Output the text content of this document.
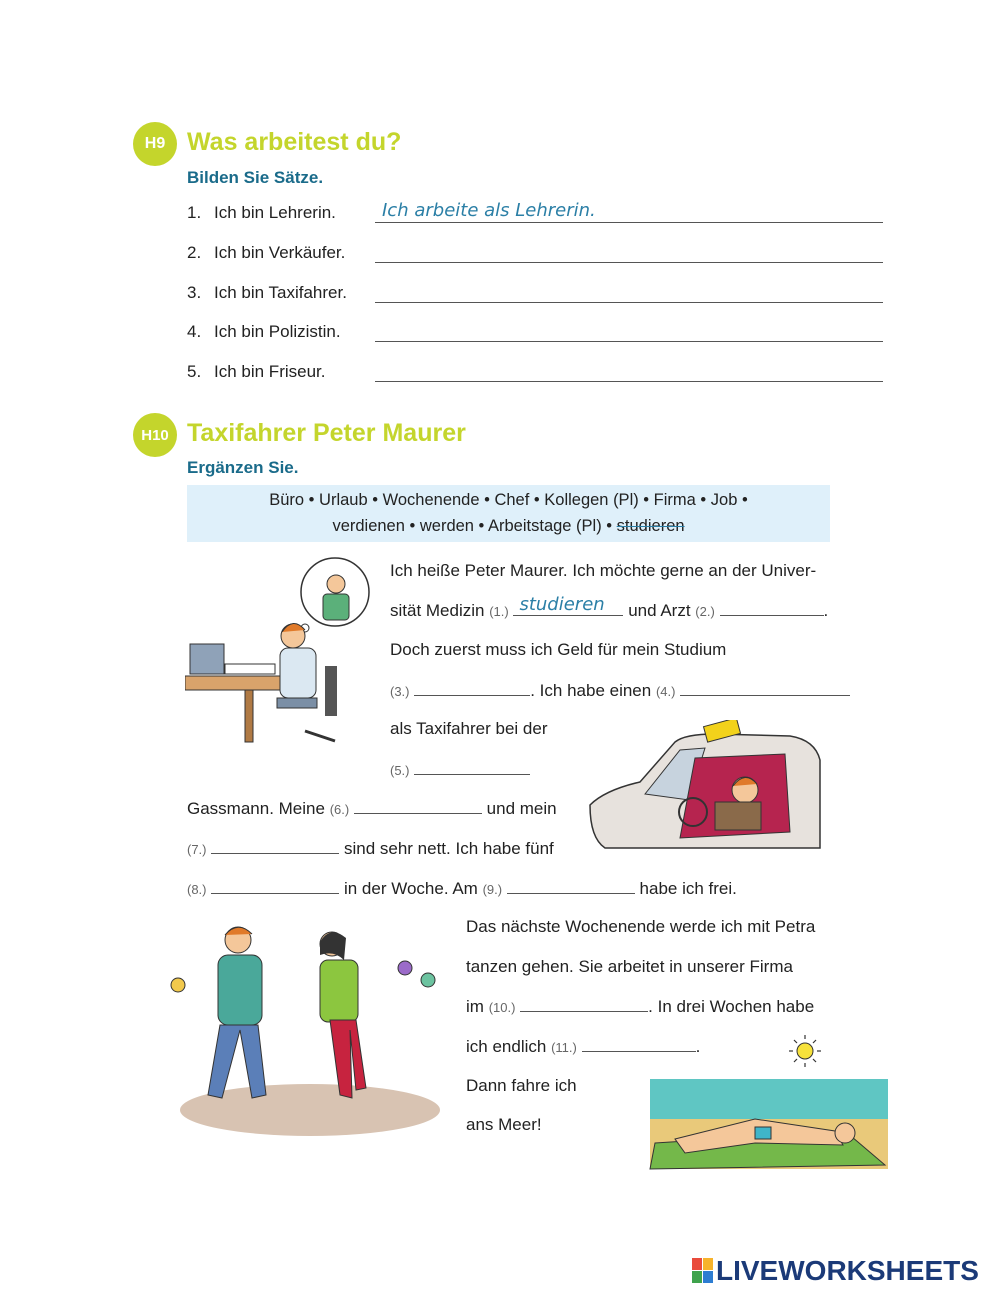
H9 Was arbeitest du?
Bilden Sie Sätze.
1. Ich bin Lehrerin.	Ich arbeite als Lehrerin.
2. Ich bin Verkäufer.
3. Ich bin Taxifahrer.
4. Ich bin Polizistin.
5. Ich bin Friseur.
H10 Taxifahrer Peter Maurer
Ergänzen Sie.
Büro • Urlaub • Wochenende • Chef • Kollegen (Pl) • Firma • Job •
verdienen • werden • Arbeitstage (Pl) • studieren
Ich heiße Peter Maurer. Ich möchte gerne an der Univer-
sität Medizin (1.) studieren und Arzt (2.)	.
Doch zuerst muss ich Geld für mein Studium
(3.)	. Ich habe einen (4.)
als Taxifahrer bei der
(5.)
Gassmann. Meine (6.)	und mein
(7.)	sind sehr nett. Ich habe fünf
(8.)	in der Woche. Am (9.)	habe ich frei.
Das nächste Wochenende werde ich mit Petra
tanzen gehen. Sie arbeitet in unserer Firma
im (10.)	. In drei Wochen habe
ich endlich (11.)	.
Dann fahre ich
ans Meer!
LIVEWORKSHEETS
